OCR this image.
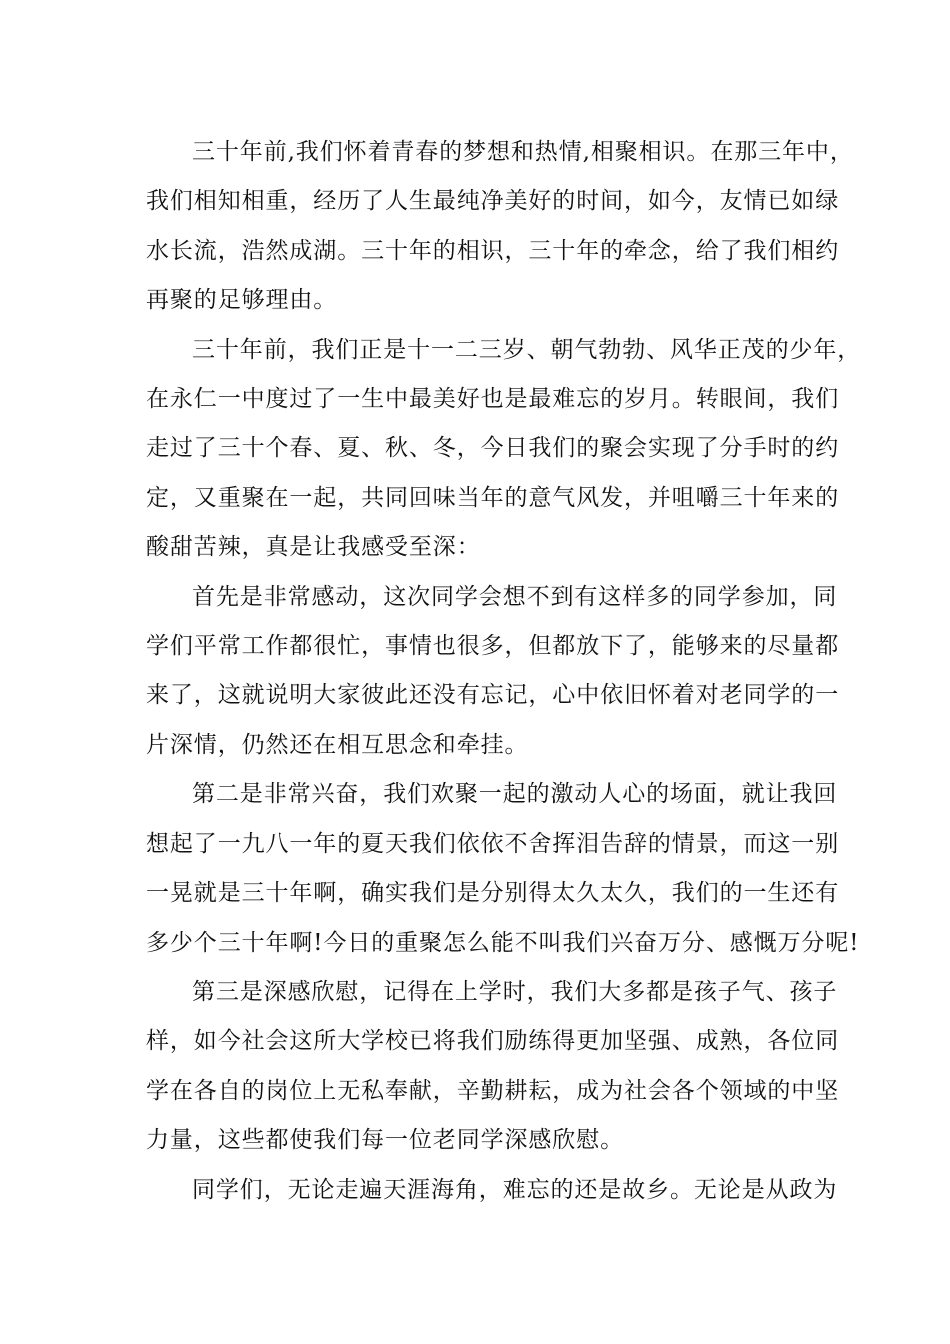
三十年前,我们怀着青春的梦想和热情,相聚相识。在那三年中，
我们相知相重，经历了人生最纯净美好的时间，如今，友情已如绿
水长流，浩然成湖。三十年的相识，三十年的牵念，给了我们相约
再聚的足够理由。

三十年前，我们正是十一二三岁、朝气勃勃、风华正茂的少年，
在永仁一中度过了一生中最美好也是最难忘的岁月。转眼间，我们
走过了三十个春、夏、秋、冬，今日我们的聚会实现了分手时的约
定，又重聚在一起，共同回味当年的意气风发，并咀嚼三十年来的
酸甜苦辣，真是让我感受至深：

首先是非常感动，这次同学会想不到有这样多的同学参加，同
学们平常工作都很忙，事情也很多，但都放下了，能够来的尽量都
来了，这就说明大家彼此还没有忘记，心中依旧怀着对老同学的一
片深情，仍然还在相互思念和牵挂。

第二是非常兴奋，我们欢聚一起的激动人心的场面，就让我回
想起了一九八一年的夏天我们依依不舍挥泪告辞的情景，而这一别
一晃就是三十年啊，确实我们是分别得太久太久，我们的一生还有
多少个三十年啊!今日的重聚怎么能不叫我们兴奋万分、感慨万分呢!

第三是深感欣慰，记得在上学时，我们大多都是孩子气、孩子
样，如今社会这所大学校已将我们励练得更加坚强、成熟，各位同
学在各自的岗位上无私奉献，辛勤耕耘，成为社会各个领域的中坚
力量，这些都使我们每一位老同学深感欣慰。

同学们，无论走遍天涯海角，难忘的还是故乡。无论是从政为
